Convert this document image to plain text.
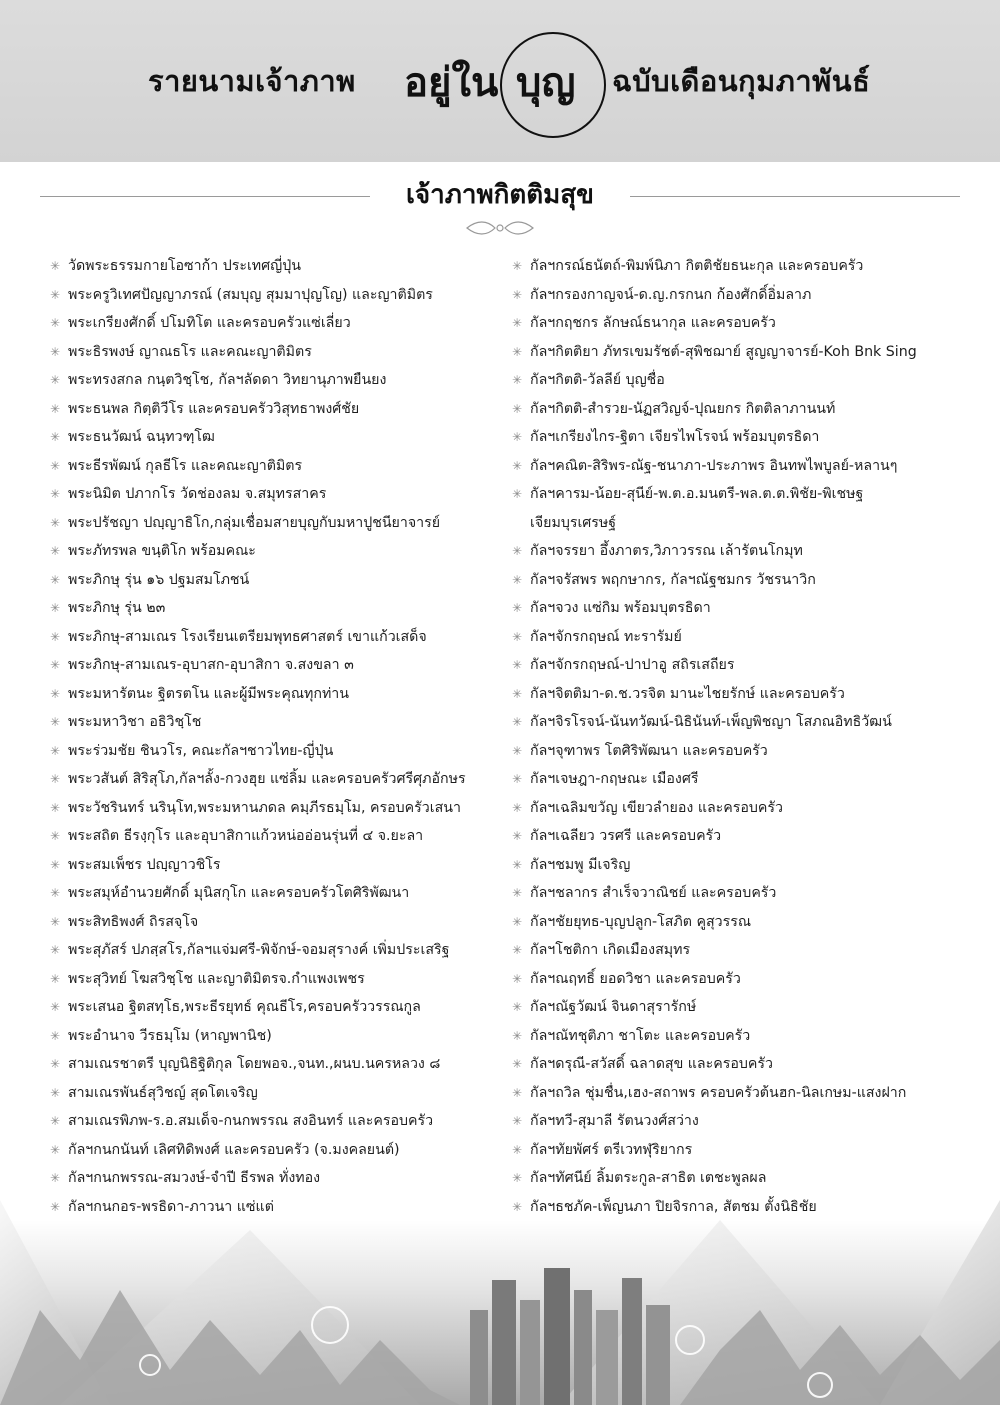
รายนามเจ้าภาพ อยู่ใน บุญ ฉบับเดือนกุมภาพันธ์
เจ้าภาพกิตติมสุข
✳ วัดพระธรรมกายโอซาก้า ประเทศญี่ปุ่น
✳ พระครูวิเทศปัญญาภรณ์ (สมบุญ สุมมาปุญโญ) และญาติมิตร
✳ พระเกรียงศักดิ์ ปโมทิโต และครอบครัวแซ่เลี่ยว
✳ พระธิรพงษ์ ญาณธโร และคณะญาติมิตร
✳ พระทรงสกล กนฺตวิชฺโช, กัลฯลัดดา วิทยานุภาพยืนยง
✳ พระธนพล กิตฺติวีโร และครอบครัววิสุทธาพงศ์ชัย
✳ พระธนวัฒน์ ฉนฺทวฑฺโฒ
✳ พระธีรพัฒน์ กุลธีโร และคณะญาติมิตร
✳ พระนิมิต ปภากโร วัดช่องลม จ.สมุทรสาคร
✳ พระปรัชญา ปญฺญาธิโก,กลุ่มเชื่อมสายบุญกับมหาปูชนียาจารย์
✳ พระภัทรพล ขนฺติโก พร้อมคณะ
✳ พระภิกษุ รุ่น ๑๖ ปฐมสมโภชน์
✳ พระภิกษุ รุ่น ๒๓
✳ พระภิกษุ-สามเณร โรงเรียนเตรียมพุทธศาสตร์ เขาแก้วเสด็จ
✳ พระภิกษุ-สามเณร-อุบาสก-อุบาสิกา จ.สงขลา ๓
✳ พระมหารัตนะ ฐิตรตโน และผู้มีพระคุณทุกท่าน
✳ พระมหาวิชา อธิวิชฺโช
✳ พระร่วมชัย ชินวโร, คณะกัลฯชาวไทย-ญี่ปุ่น
✳ พระวสันต์ สิริสุโภ,กัลฯลั้ง-กวงฮุย แซ่ลิ้ม และครอบครัวศรีศุภอักษร
✳ พระวัชรินทร์ นรินฺโท,พระมหานภดล คมฺภีรธมฺโม, ครอบครัวเสนา
✳ พระสถิต ธีรงฺกุโร และอุบาสิกาแก้วหน่ออ่อนรุ่นที่ ๔ จ.ยะลา
✳ พระสมเพ็ชร ปญฺญาวชิโร
✳ พระสมุห์อำนวยศักดิ์ มุนิสกุโก และครอบครัวโตศิริพัฒนา
✳ พระสิทธิพงศ์ ถิรสจฺโจ
✳ พระสุภัสร์ ปภสฺสโร,กัลฯแจ่มศรี-พิจักษ์-จอมสุรางค์ เพิ่มประเสริฐ
✳ พระสุวิทย์ โฆสวิชฺโช และญาติมิตรจ.กำแพงเพชร
✳ พระเสนอ ฐิตสทฺโธ,พระธีรยุทธ์ คุณธีโร,ครอบครัววรรณกูล
✳ พระอำนาจ วีรธมฺโม (หาญพานิช)
✳ สามเณรชาตรี บุญนิธิฐิติกุล โดยพอจ.,จนท.,ผนบ.นครหลวง ๘
✳ สามเณรพันธ์สุวิชญ์ สุดโตเจริญ
✳ สามเณรพิภพ-ร.อ.สมเด็จ-กนกพรรณ สงอินทร์ และครอบครัว
✳ กัลฯกนกนันท์ เลิศทิดิพงศ์ และครอบครัว (จ.มงคลยนต์)
✳ กัลฯกนกพรรณ-สมวงษ์-จำปี ธีรพล ทั่งทอง
✳ กัลฯกนกอร-พรธิดา-ภาวนา แซ่แต่
✳ กัลฯกรณ์ธนัตถ์-พิมพ์นิภา กิตติชัยธนะกุล และครอบครัว
✳ กัลฯกรองกาญจน์-ด.ญ.กรกนก ก้องศักดิ์อิ่มลาภ
✳ กัลฯกฤชกร ลักษณ์ธนากุล และครอบครัว
✳ กัลฯกิตติยา ภัทรเขมรัชต์-สุพิชฌาย์ สูญญาจารย์-Koh Bnk Sing
✳ กัลฯกิตติ-วัลลีย์ บุญชื่อ
✳ กัลฯกิตติ-สำรวย-นัฏสวิญจ์-ปุณยกร กิตติลาภานนท์
✳ กัลฯเกรียงไกร-ฐิตา เจียรไพโรจน์ พร้อมบุตรธิดา
✳ กัลฯคณิต-สิริพร-ณัฐ-ชนาภา-ประภาพร อินทพไพบูลย์-หลานๆ
✳ กัลฯคารม-น้อย-สุนีย์-พ.ต.อ.มนตรี-พล.ต.ต.พิชัย-พิเชษฐ
เจียมบุรเศรษฐ์
✳ กัลฯจรรยา อึ้งภาตร,วิภาวรรณ เล้ารัตนโกมุท
✳ กัลฯจรัสพร พฤกษากร, กัลฯณัฐชมกร วัชรนาวิก
✳ กัลฯจวง แซ่กิม พร้อมบุตรธิดา
✳ กัลฯจักรกฤษณ์ ทะรารัมย์
✳ กัลฯจักรกฤษณ์-ปาปาอู สถิรเสถียร
✳ กัลฯจิตติมา-ด.ช.วรจิต มานะไชยรักษ์ และครอบครัว
✳ กัลฯจิรโรจน์-นันทวัฒน์-นิธินันท์-เพ็ญพิชญา โสภณอิทธิวัฒน์
✳ กัลฯจุฑาพร โตศิริพัฒนา และครอบครัว
✳ กัลฯเจษฎา-กฤษณะ เมืองศรี
✳ กัลฯเฉลิมขวัญ เขียวลำยอง และครอบครัว
✳ กัลฯเฉลียว วรศรี และครอบครัว
✳ กัลฯชมพู มีเจริญ
✳ กัลฯชลากร สำเร็จวาณิชย์ และครอบครัว
✳ กัลฯชัยยุทธ-บุญปลูก-โสภิต คูสุวรรณ
✳ กัลฯโชติกา เกิดเมืองสมุทร
✳ กัลฯณฤทธิ์ ยอดวิชา และครอบครัว
✳ กัลฯณัฐวัฒน์ จินดาสุรารักษ์
✳ กัลฯณัทชุติภา ชาโตะ และครอบครัว
✳ กัลฯดรุณี-สวัสดิ์ ฉลาดสุข และครอบครัว
✳ กัลฯถวิล ชุ่มชื่น,เฮง-สถาพร ครอบครัวต้นฮก-นิลเกษม-แสงฝาก
✳ กัลฯทวี-สุมาลี รัตนวงศ์สว่าง
✳ กัลฯทัยพัศร์ ตรีเวทฬุริยากร
✳ กัลฯทัศนีย์ ลิ้มตระกูล-สาธิต เตชะพูลผล
✳ กัลฯธชภัค-เพ็ญนภา ปิยจิรกาล, สัตชม ตั้งนิธิชัย
